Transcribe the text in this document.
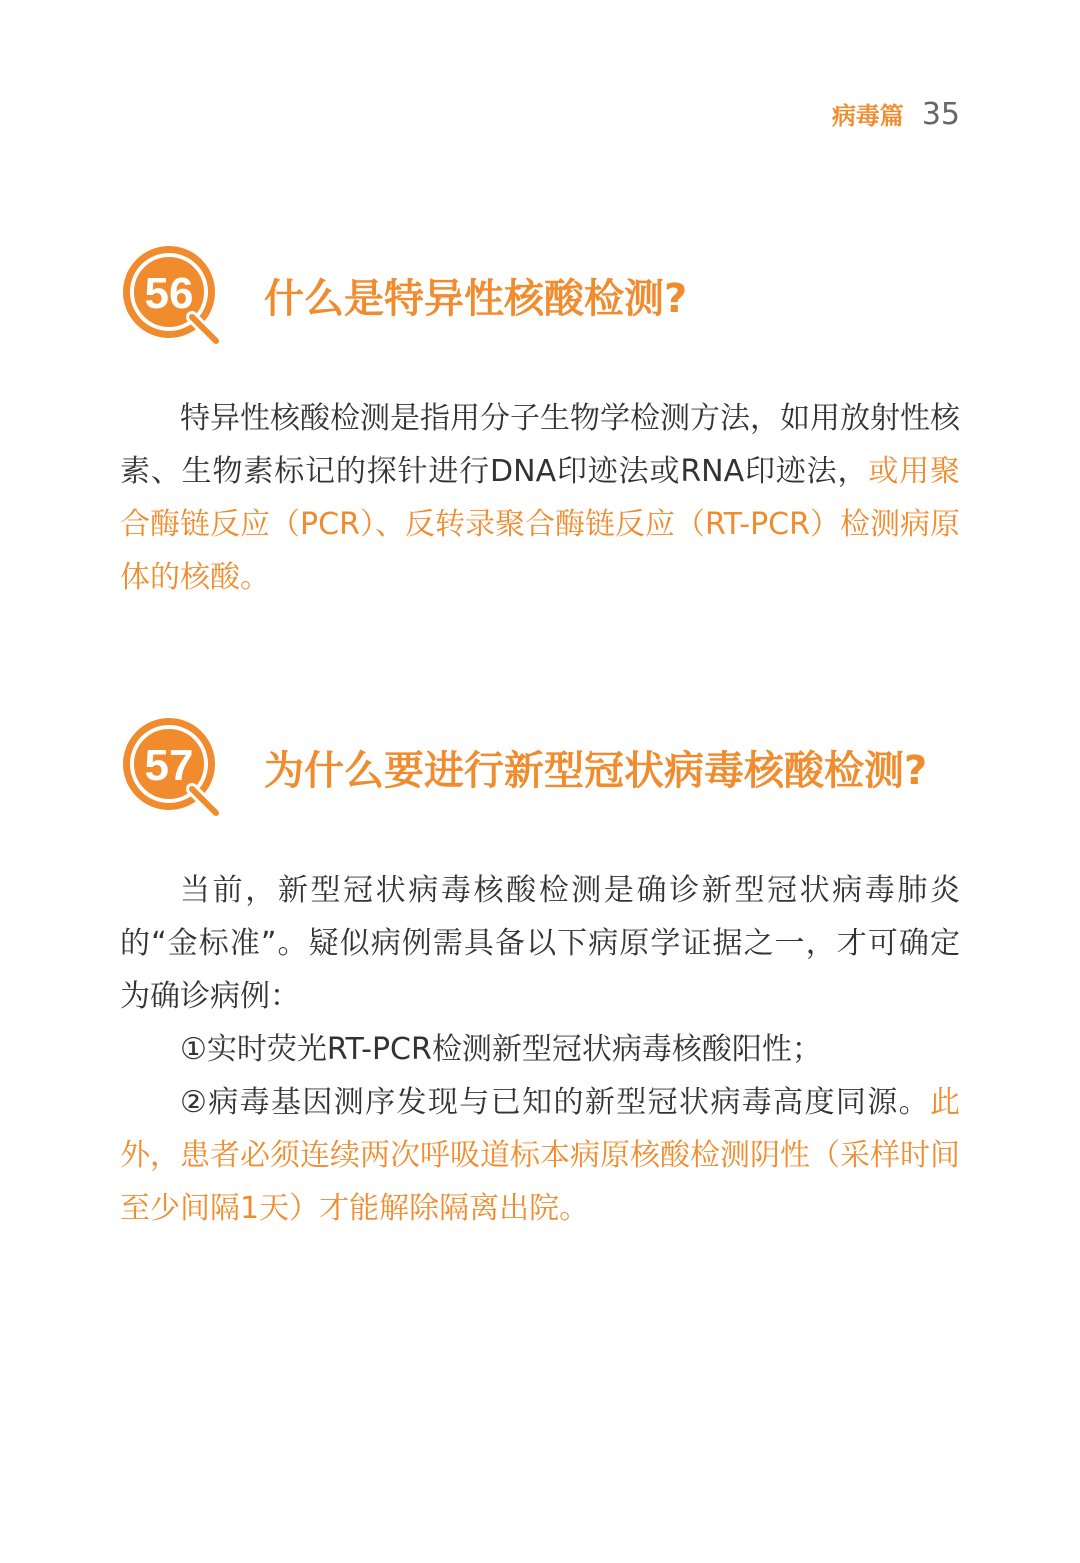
病毒篇 35
56 什么是特异性核酸检测?

特异性核酸检测是指用分子生物学检测方法，如用放射性核素、生物素标记的探针进行DNA印迹法或RNA印迹法，或用聚合酶链反应（PCR）、反转录聚合酶链反应（RT-PCR）检测病原体的核酸。

57 为什么要进行新型冠状病毒核酸检测?

当前，新型冠状病毒核酸检测是确诊新型冠状病毒肺炎的“金标准”。疑似病例需具备以下病原学证据之一，才可确定为确诊病例：

①实时荧光RT-PCR检测新型冠状病毒核酸阳性；

②病毒基因测序发现与已知的新型冠状病毒高度同源。此外，患者必须连续两次呼吸道标本病原核酸检测阴性（采样时间至少间隔1天）才能解除隔离出院。
